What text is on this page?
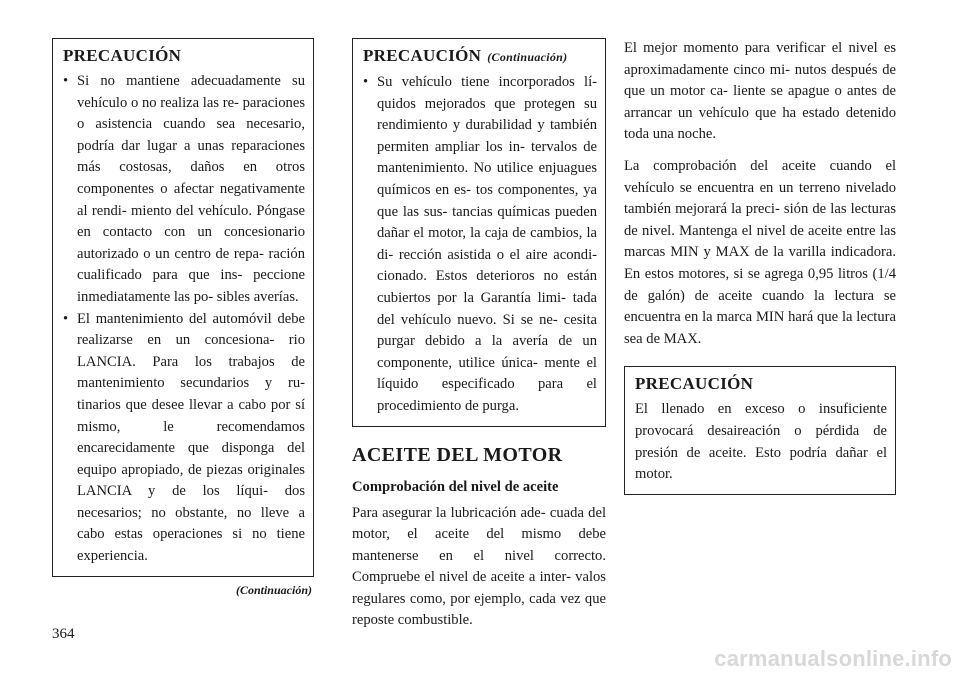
PRECAUCIÓN
• Si no mantiene adecuadamente su vehículo o no realiza las re- paraciones o asistencia cuando sea necesario, podría dar lugar a unas reparaciones más costosas, daños en otros componentes o afectar negativamente al rendi- miento del vehículo. Póngase en contacto con un concesionario autorizado o un centro de repa- ración cualificado para que ins- peccione inmediatamente las po- sibles averías.
• El mantenimiento del automóvil debe realizarse en un concesiona- rio LANCIA. Para los trabajos de mantenimiento secundarios y ru- tinarios que desee llevar a cabo por sí mismo, le recomendamos encarecidamente que disponga del equipo apropiado, de piezas originales LANCIA y de los líqui- dos necesarios; no obstante, no lleve a cabo estas operaciones si no tiene experiencia.
(Continuación)
PRECAUCIÓN (Continuación)
• Su vehículo tiene incorporados lí- quidos mejorados que protegen su rendimiento y durabilidad y también permiten ampliar los in- tervalos de mantenimiento. No utilice enjuagues químicos en es- tos componentes, ya que las sus- tancias químicas pueden dañar el motor, la caja de cambios, la di- rección asistida o el aire acondi- cionado. Estos deterioros no están cubiertos por la Garantía limi- tada del vehículo nuevo. Si se ne- cesita purgar debido a la avería de un componente, utilice única- mente el líquido especificado para el procedimiento de purga.
ACEITE DEL MOTOR
Comprobación del nivel de aceite

Para asegurar la lubricación ade- cuada del motor, el aceite del mismo debe mantenerse en el nivel correcto. Compruebe el nivel de aceite a inter- valos regulares como, por ejemplo, cada vez que reposte combustible.

El mejor momento para verificar el nivel es aproximadamente cinco mi- nutos después de que un motor ca- liente se apague o antes de arrancar un vehículo que ha estado detenido toda una noche.

La comprobación del aceite cuando el vehículo se encuentra en un terreno nivelado también mejorará la preci- sión de las lecturas de nivel. Mantenga el nivel de aceite entre las marcas MIN y MAX de la varilla indicadora. En estos motores, si se agrega 0,95 litros (1/4 de galón) de aceite cuando la lectura se encuentra en la marca MIN hará que la lectura sea de MAX.

PRECAUCIÓN

El llenado en exceso o insuficiente provocará desaireación o pérdida de presión de aceite. Esto podría dañar el motor.

364
carmanualsonline.info
